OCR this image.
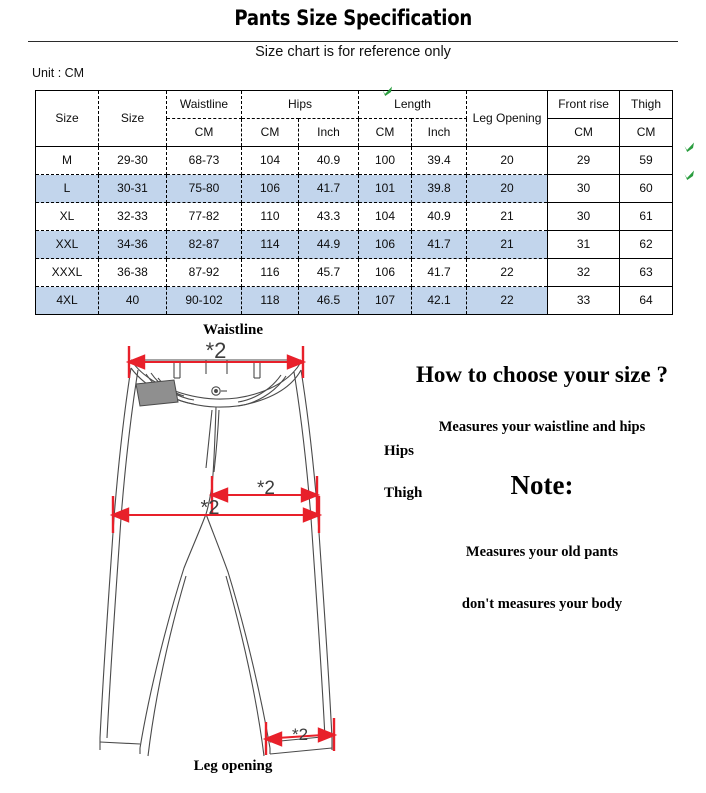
Pants Size Specification
Size chart is for reference only
Unit : CM
Size	Size	Waistline	Hips		Length		Leg Opening	Front rise	Thigh
		CM	CM	Inch	CM	Inch		CM	CM
M	29-30	68-73	104	40.9	100	39.4	20	29	59
L	30-31	75-80	106	41.7	101	39.8	20	30	60
XL	32-33	77-82	110	43.3	104	40.9	21	30	61
XXL	34-36	82-87	114	44.9	106	41.7	21	31	62
XXXL	36-38	87-92	116	45.7	106	41.7	22	32	63
4XL	40	90-102	118	46.5	107	42.1	22	33	64
Waistline
Leg opening
*2
*2
*2
*2
Hips
Thigh
How to choose your size ?
Measures your waistline and hips
Note:
Measures your old pants
don't measures your body
